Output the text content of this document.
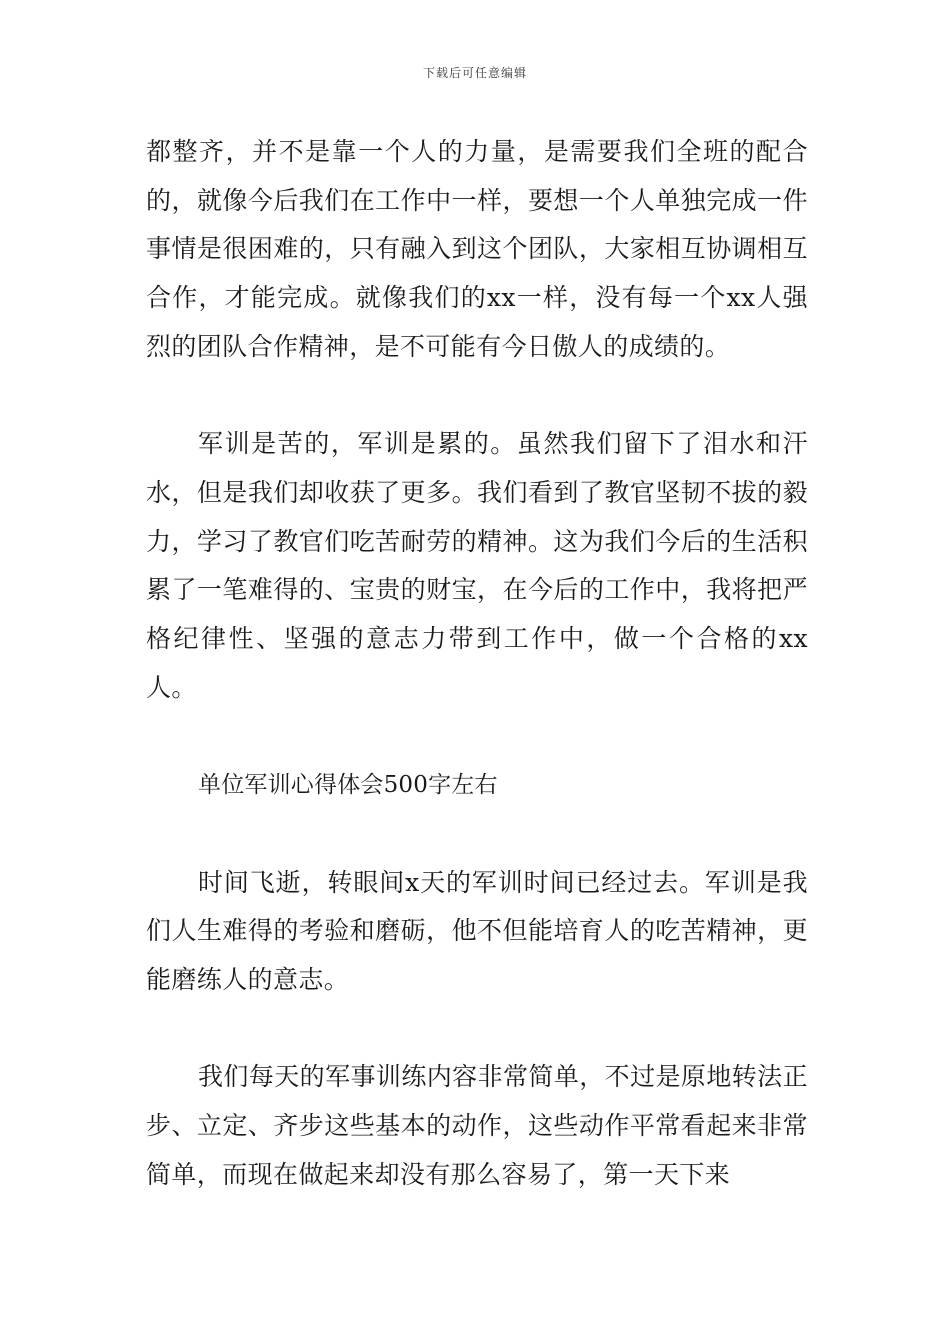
下载后可任意编辑

都整齐，并不是靠一个人的力量，是需要我们全班的配合的，就像今后我们在工作中一样，要想一个人单独完成一件事情是很困难的，只有融入到这个团队，大家相互协调相互合作，才能完成。就像我们的xx一样，没有每一个xx人强烈的团队合作精神，是不可能有今日傲人的成绩的。

军训是苦的，军训是累的。虽然我们留下了泪水和汗水，但是我们却收获了更多。我们看到了教官坚韧不拔的毅力，学习了教官们吃苦耐劳的精神。这为我们今后的生活积累了一笔难得的、宝贵的财宝，在今后的工作中，我将把严格纪律性、坚强的意志力带到工作中，做一个合格的xx人。

单位军训心得体会500字左右

时间飞逝，转眼间x天的军训时间已经过去。军训是我们人生难得的考验和磨砺，他不但能培育人的吃苦精神，更能磨练人的意志。

我们每天的军事训练内容非常简单，不过是原地转法正步、立定、齐步这些基本的动作，这些动作平常看起来非常简单，而现在做起来却没有那么容易了，第一天下来
